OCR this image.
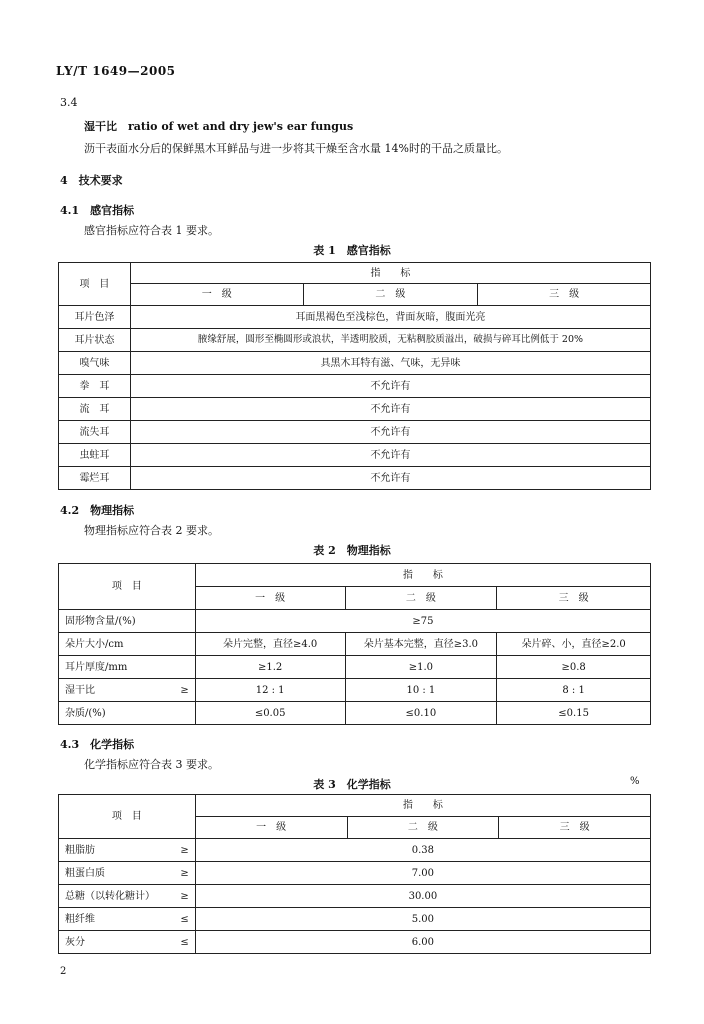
LY/T 1649—2005
3.4
湿干比　ratio of wet and dry jew's ear fungus
沥干表面水分后的保鲜黑木耳鲜品与进一步将其干燥至含水量 14%时的干品之质量比。
4　技术要求
4.1　感官指标
感官指标应符合表 1 要求。
表 1　感官指标
项　目	指　　标		
	一　级	二　级	三　级
耳片色泽	耳面黑褐色至浅棕色，背面灰暗，腹面光亮		
耳片状态	腋缘舒展，圆形至椭圆形或浪状，半透明胶质，无粘稠胶质溢出，破损与碎耳比例低于 20%		
嗅气味	具黑木耳特有滋、气味，无异味		
拳　耳	不允许有		
流　耳	不允许有		
流失耳	不允许有		
虫蛀耳	不允许有		
霉烂耳	不允许有		
4.2　物理指标
物理指标应符合表 2 要求。
表 2　物理指标
项　目	指　　标		
	一　级	二　级	三　级
固形物含量/(%)	≥75		
朵片大小/cm	朵片完整，直径≥4.0	朵片基本完整，直径≥3.0	朵片碎、小，直径≥2.0
耳片厚度/mm	≥1.2	≥1.0	≥0.8

湿干比 ≥	12 : 1	10 : 1	8 : 1
杂质/(%)	≤0.05	≤0.10	≤0.15
4.3　化学指标
化学指标应符合表 3 要求。
表 3　化学指标	%
项　目	指　　标		
	一　级	二　级	三　级

粗脂肪 ≥	0.38		

粗蛋白质 ≥	7.00		

总糖（以转化糖计） ≥	30.00		

粗纤维 ≤	5.00		

灰分 ≤	6.00		
2
